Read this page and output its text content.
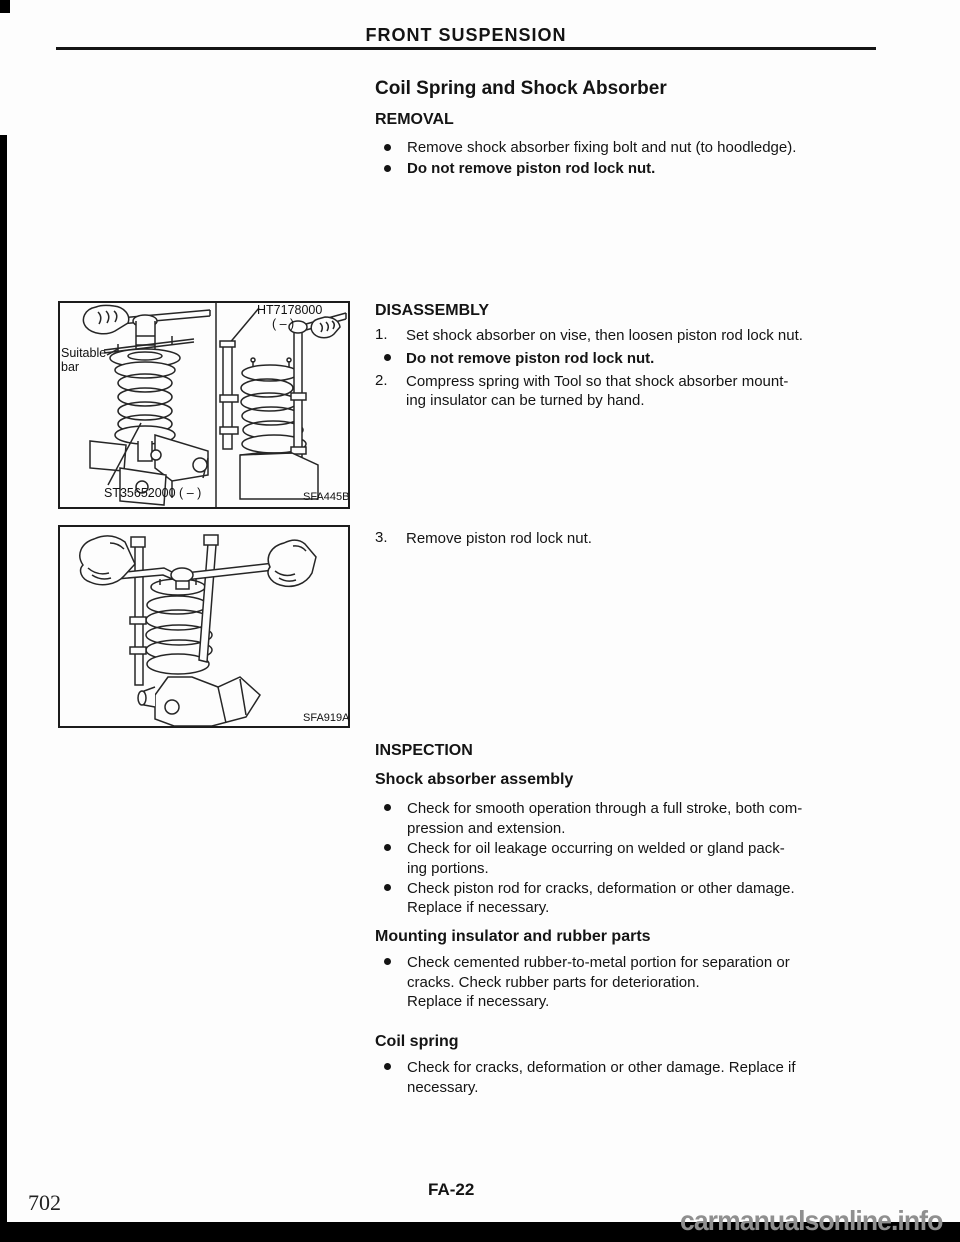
FRONT SUSPENSION
Coil Spring and Shock Absorber
REMOVAL
Remove shock absorber fixing bolt and nut (to hoodledge).
Do not remove piston rod lock nut.
Suitable
bar
HT7178000
( – )
ST35652000 ( – )	SFA445B
SFA919A
DISASSEMBLY
1. Set shock absorber on vise, then loosen piston rod lock nut.
Do not remove piston rod lock nut.
2. Compress spring with Tool so that shock absorber mount-
ing insulator can be turned by hand.
3. Remove piston rod lock nut.
INSPECTION
Shock absorber assembly
Check for smooth operation through a full stroke, both com-
pression and extension.
Check for oil leakage occurring on welded or gland pack-
ing portions.
Check piston rod for cracks, deformation or other damage.
Replace if necessary.
Mounting insulator and rubber parts
Check cemented rubber-to-metal portion for separation or
cracks. Check rubber parts for deterioration.
Replace if necessary.
Coil spring
Check for cracks, deformation or other damage. Replace if
necessary.
FA-22
702
carmanualsonline.info
